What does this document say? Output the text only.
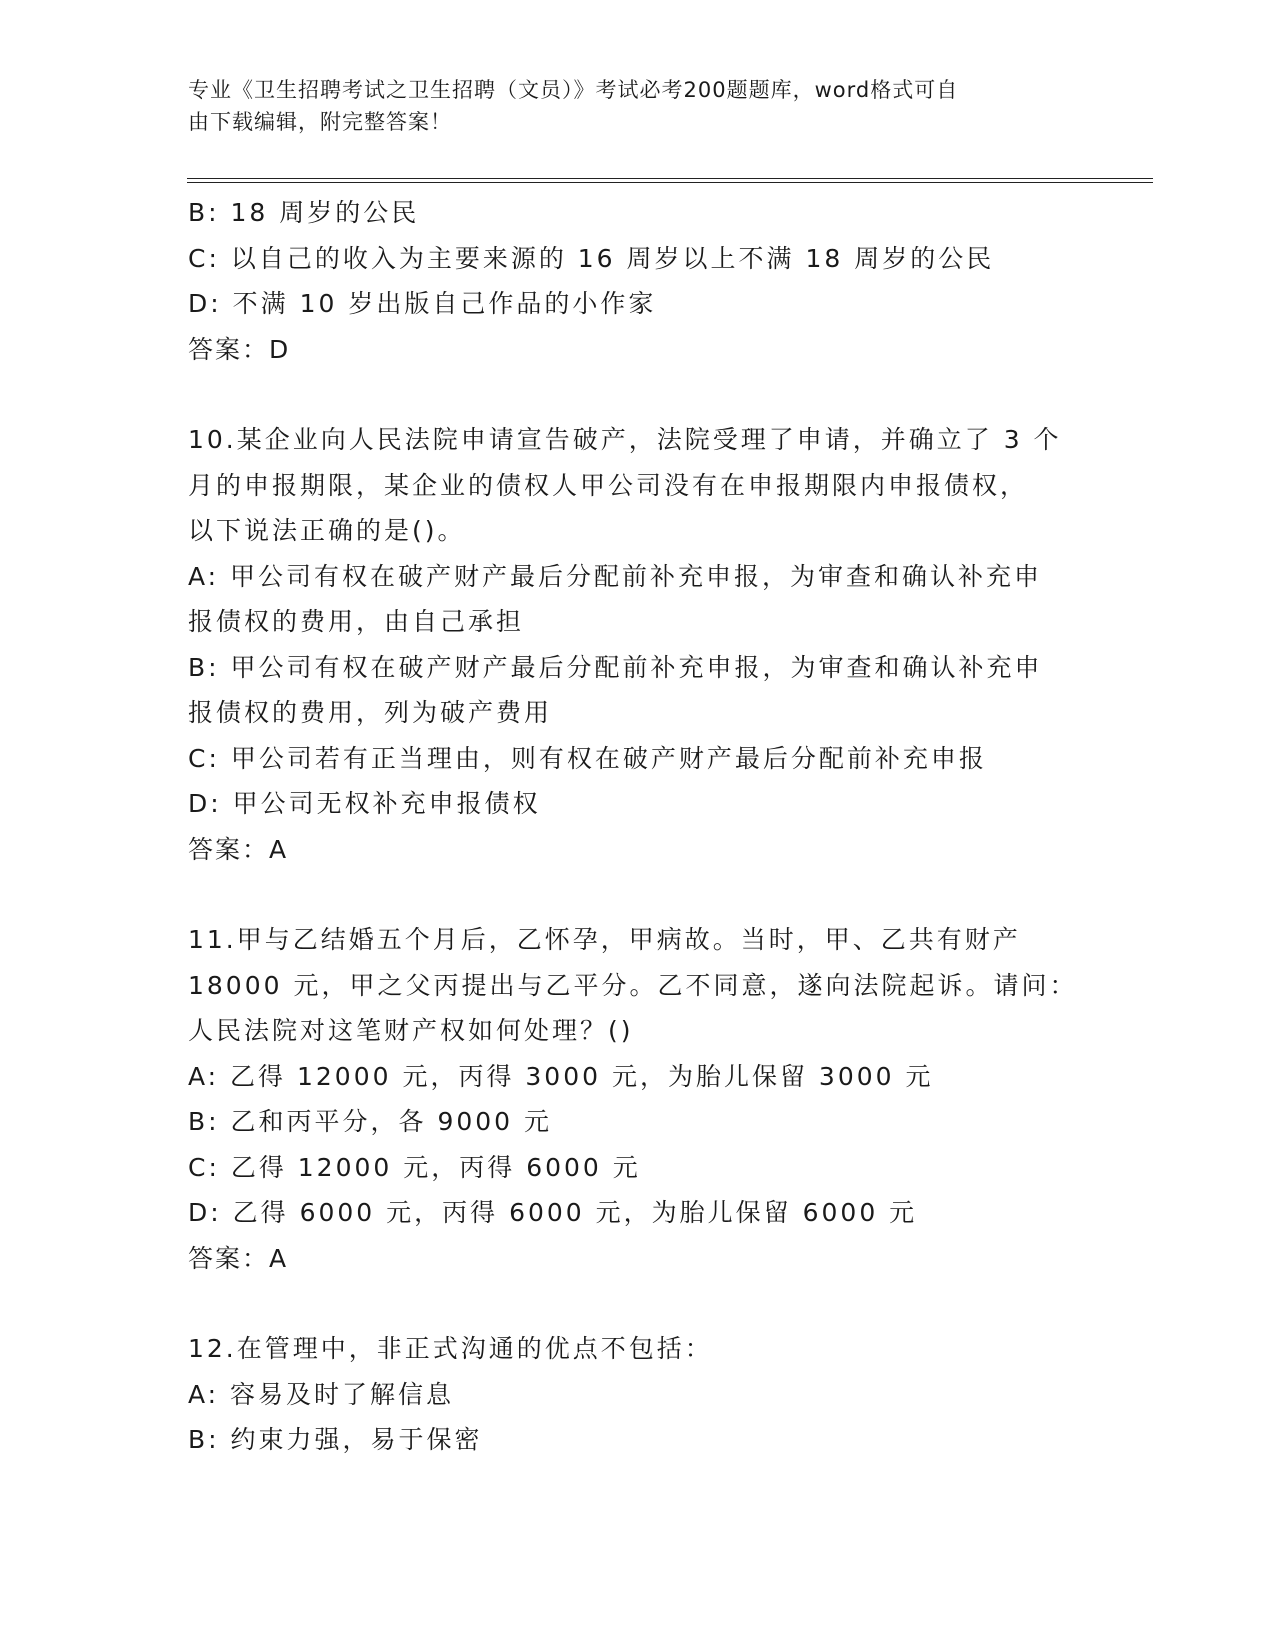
专业《卫生招聘考试之卫生招聘（文员）》考试必考200题题库，word格式可自
由下载编辑，附完整答案！

B: 18 周岁的公民

C: 以自己的收入为主要来源的 16 周岁以上不满 18 周岁的公民

D: 不满 10 岁出版自己作品的小作家

答案：D

10.某企业向人民法院申请宣告破产，法院受理了申请，并确立了 3 个

月的申报期限，某企业的债权人甲公司没有在申报期限内申报债权，

以下说法正确的是()。

A: 甲公司有权在破产财产最后分配前补充申报，为审查和确认补充申

报债权的费用，由自己承担

B: 甲公司有权在破产财产最后分配前补充申报，为审查和确认补充申

报债权的费用，列为破产费用

C: 甲公司若有正当理由，则有权在破产财产最后分配前补充申报

D: 甲公司无权补充申报债权

答案：A

11.甲与乙结婚五个月后，乙怀孕，甲病故。当时，甲、乙共有财产

18000 元，甲之父丙提出与乙平分。乙不同意，遂向法院起诉。请问：

人民法院对这笔财产权如何处理？()

A: 乙得 12000 元，丙得 3000 元，为胎儿保留 3000 元

B: 乙和丙平分，各 9000 元

C: 乙得 12000 元，丙得 6000 元

D: 乙得 6000 元，丙得 6000 元，为胎儿保留 6000 元

答案：A

12.在管理中，非正式沟通的优点不包括：

A: 容易及时了解信息

B: 约束力强，易于保密
